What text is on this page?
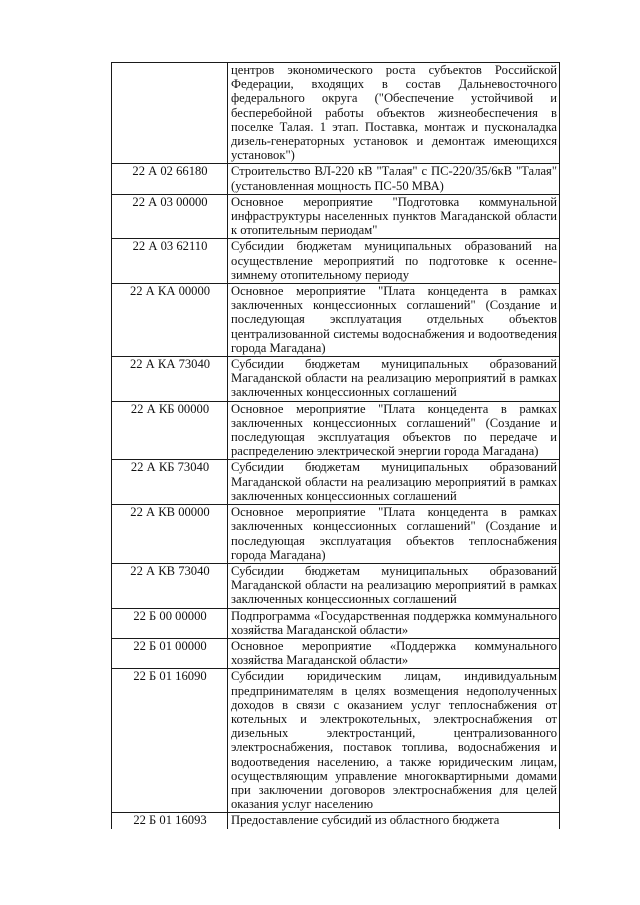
	центров экономического роста субъектов Российской Федерации, входящих в состав Дальневосточного федерального округа ("Обеспечение устойчивой и бесперебойной работы объектов жизнеобеспечения в поселке Талая. 1 этап. Поставка, монтаж и пусконаладка дизель-генераторных установок и демонтаж имеющихся установок")
22 А 02 66180	Строительство ВЛ-220 кВ "Талая" с ПС-220/35/6кВ "Талая" (установленная мощность ПС-50 МВА)
22 А 03 00000	Основное мероприятие "Подготовка коммунальной инфраструктуры населенных пунктов Магаданской области к отопительным периодам"
22 А 03 62110	Субсидии бюджетам муниципальных образований на осуществление мероприятий по подготовке к осенне-зимнему отопительному периоду
22 А КА 00000	Основное мероприятие "Плата концедента в рамках заключенных концессионных соглашений" (Создание и последующая эксплуатация отдельных объектов централизованной системы водоснабжения и водоотведения города Магадана)
22 А КА 73040	Субсидии бюджетам муниципальных образований Магаданской области на реализацию мероприятий в рамках заключенных концессионных соглашений
22 А КБ 00000	Основное мероприятие "Плата концедента в рамках заключенных концессионных соглашений" (Создание и последующая эксплуатация объектов по передаче и распределению электрической энергии города Магадана)
22 А КБ 73040	Субсидии бюджетам муниципальных образований Магаданской области на реализацию мероприятий в рамках заключенных концессионных соглашений
22 А КВ 00000	Основное мероприятие "Плата концедента в рамках заключенных концессионных соглашений" (Создание и последующая эксплуатация объектов теплоснабжения города Магадана)
22 А КВ 73040	Субсидии бюджетам муниципальных образований Магаданской области на реализацию мероприятий в рамках заключенных концессионных соглашений
22 Б 00 00000	Подпрограмма «Государственная поддержка коммунального хозяйства Магаданской области»
22 Б 01 00000	Основное мероприятие «Поддержка коммунального хозяйства Магаданской области»
22 Б 01 16090	Субсидии юридическим лицам, индивидуальным предпринимателям в целях возмещения недополученных доходов в связи с оказанием услуг теплоснабжения от котельных и электрокотельных, электроснабжения от дизельных электростанций, централизованного электроснабжения, поставок топлива, водоснабжения и водоотведения населению, а также юридическим лицам, осуществляющим управление многоквартирными домами при заключении договоров электроснабжения для целей оказания услуг населению
22 Б 01 16093	Предоставление субсидий из областного бюджета
